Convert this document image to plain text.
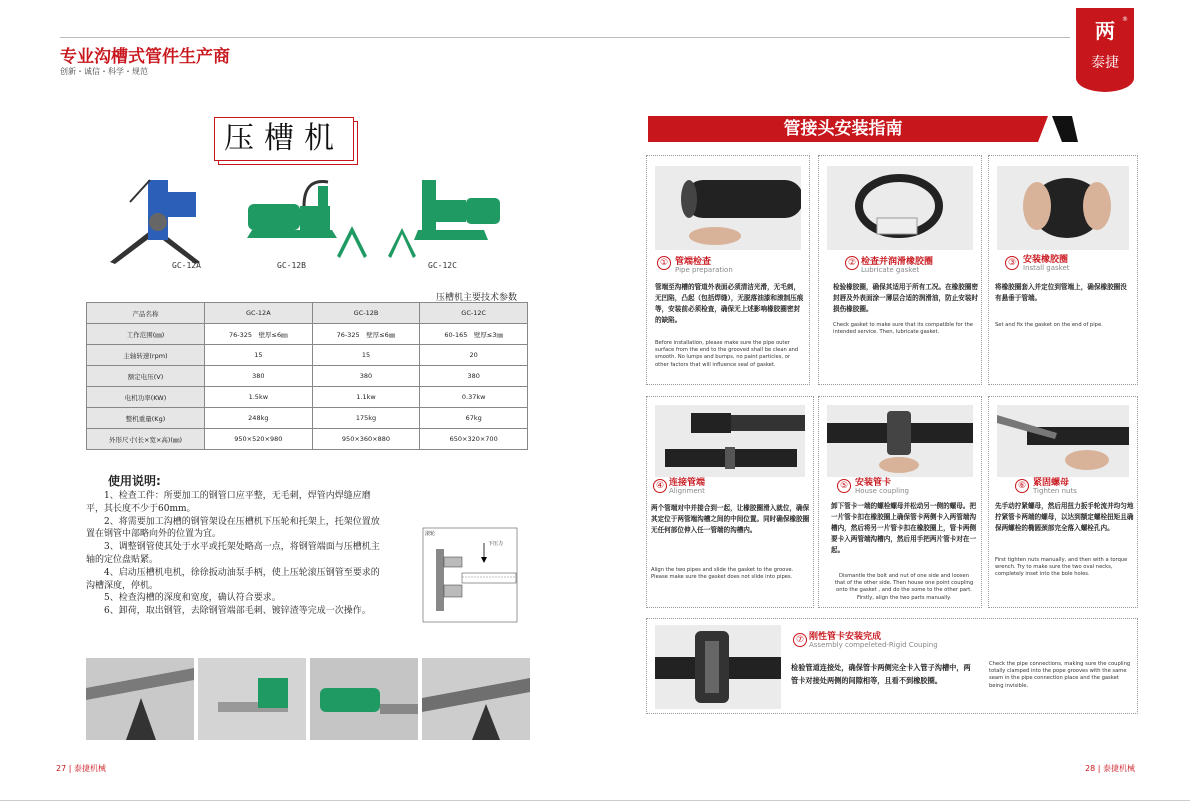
专业沟槽式管件生产商
创新・诚信・科学・规范
两
泰捷
®
压槽机
GC-12A	GC-12B	GC-12C
压槽机主要技术参数
产品名称	GC-12A	GC-12B	GC-12C
工作范围(㎜)	76-325　壁厚≤6㎜	76-325　壁厚≤6㎜	60-165　壁厚≤3㎜
主轴转速(rpm)	15	15	20
额定电压(V)	380	380	380
电机功率(KW)	1.5kw	1.1kw	0.37kw
整机重量(Kg)	248kg	175kg	67kg
外形尺寸(长×宽×高)(㎜)	950×520×980	950×360×880	650×320×700
使用说明:

1、检查工件：所要加工的钢管口应平整，无毛刺，焊管内焊缝应磨平，其长度不少于60mm。

2、将需要加工沟槽的钢管架设在压槽机下压轮和托架上，托架位置放置在钢管中部略向外的位置为宜。

3、调整钢管使其处于水平或托架处略高一点，将钢管端面与压槽机主轴的定位盘贴紧。

4、启动压槽机电机，徐徐扳动油泵手柄，使上压轮滚压钢管至要求的沟槽深度，停机。

5、检查沟槽的深度和宽度，确认符合要求。

6、卸荷，取出钢管，去除钢管端部毛刺、镀锌渣等完成一次操作。

滚轮
下压力
27 | 泰捷机械
管接头安装指南
① 管端检查
Pipe preparation
管端至沟槽的管道外表面必须清洁光滑，无毛刺，无凹陷，凸起（包括焊缝），无脱落油漆和滚制压痕等，安装前必须检查，确保无上述影响橡胶圈密封的缺陷。
Before installation, please make sure the pipe outer surface from the end to the grooved shall be clean and smooth. No lumps and bumps, no paint particles, or other factors that will influence seal of gasket.
② 检查并润滑橡胶圈
Lubricate gasket
检验橡胶圈，确保其适用于所有工况。在橡胶圈密封唇及外表面涂一薄层合适的润滑油，防止安装时损伤橡胶圈。
Check gasket to make sure that its compatible for the intended service. Then, lubricate gasket.
③ 安装橡胶圈
Install gasket
将橡胶圈套入并定位到管端上，确保橡胶圈没有悬垂于管端。
Set and fix the gasket on the end of pipe.
④ 连接管端
Alignment
两个管端对中并接合到一起，让橡胶圈滑入就位，确保其定位于两管端沟槽之间的中间位置。同时确保橡胶圈无任何部位伸入任一管端的沟槽内。
Align the two pipes and slide the gasket to the groove. Please make sure the gasket does not slide into pipes.
⑤ 安装管卡
House coupling
卸下管卡一端的螺栓螺母并松动另一侧的螺母。把一片管卡扣在橡胶圈上确保管卡两侧卡入两管端沟槽内，然后将另一片管卡扣在橡胶圈上，管卡两侧要卡入两管端沟槽内，然后用手把两片管卡对在一起。
Dismantle the bolt and nut of one side and loosen that of the other side. Then house one point coupling onto the gasket , and do the some to the other part. Firstly, align the two parts manually.
⑥ 紧固螺母
Tighten nuts
先手动拧紧螺母，然后用扭力扳手轮流并均匀地拧紧管卡两端的螺母，以达到额定螺栓扭矩且确保两螺栓的椭圆颈部完全落入螺栓孔内。
First tighten nuts manually, and then with a torque wrench. Try to make sure the two oval necks, completely inset into the bole holes.
⑦ 刚性管卡安装完成
Assembly compeleted-Rigid Couping
检验管道连接处，确保管卡两侧完全卡入管子沟槽中，两管卡对接处两侧的间隙相等，且看不到橡胶圈。
Check the pipe connections, making sure the coupling totally clamped into the pope grooves with the same seam in the pipe connection place and the gasket being invisible.
28 | 泰捷机械
